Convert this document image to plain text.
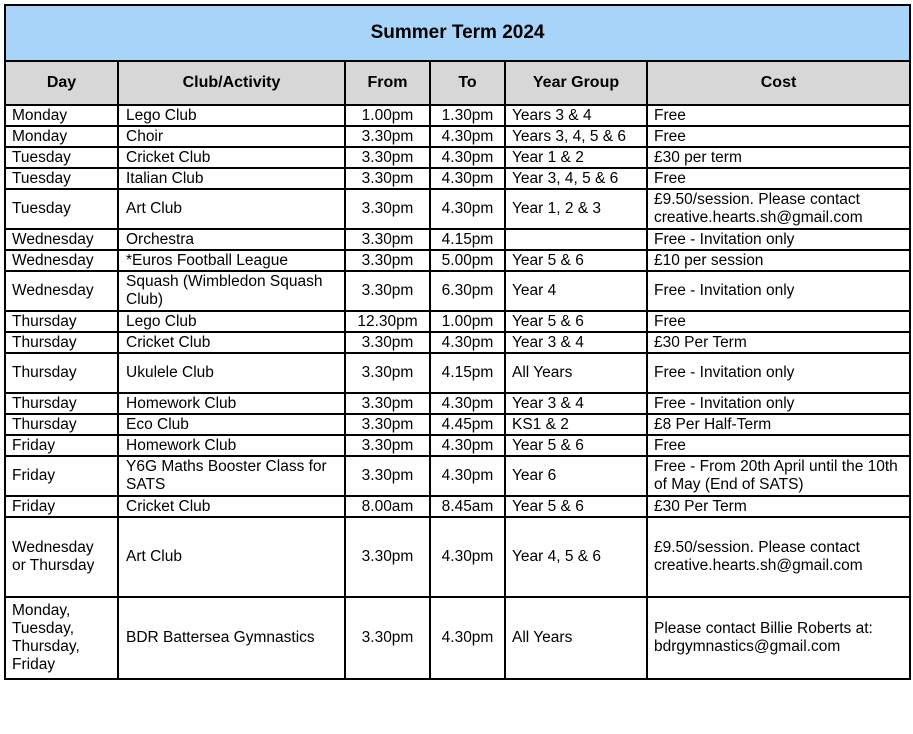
Summer Term 2024					
Day	Club/Activity	From	To	Year Group	Cost
Monday	Lego Club	1.00pm	1.30pm	Years 3 & 4	Free
Monday	Choir	3.30pm	4.30pm	Years 3, 4, 5 & 6	Free
Tuesday	Cricket Club	3.30pm	4.30pm	Year 1 & 2	£30 per term
Tuesday	Italian Club	3.30pm	4.30pm	Year 3, 4, 5 & 6	Free
Tuesday	Art Club	3.30pm	4.30pm	Year 1, 2 & 3	£9.50/session. Please contact creative.hearts.sh@gmail.com
Wednesday	Orchestra	3.30pm	4.15pm		Free - Invitation only
Wednesday	*Euros Football League	3.30pm	5.00pm	Year 5 & 6	£10 per session
Wednesday	Squash (Wimbledon Squash Club)	3.30pm	6.30pm	Year 4	Free - Invitation only
Thursday	Lego Club	12.30pm	1.00pm	Year 5 & 6	Free
Thursday	Cricket Club	3.30pm	4.30pm	Year 3 & 4	£30 Per Term
Thursday	Ukulele Club	3.30pm	4.15pm	All Years	Free - Invitation only
Thursday	Homework Club	3.30pm	4.30pm	Year 3 & 4	Free - Invitation only
Thursday	Eco Club	3.30pm	4.45pm	KS1 & 2	£8 Per Half-Term
Friday	Homework Club	3.30pm	4.30pm	Year 5 & 6	Free
Friday	Y6G Maths Booster Class for SATS	3.30pm	4.30pm	Year 6	Free - From 20th April until the 10th of May (End of SATS)
Friday	Cricket Club	8.00am	8.45am	Year 5 & 6	£30 Per Term
Wednesday or Thursday	Art Club	3.30pm	4.30pm	Year 4, 5 & 6	£9.50/session. Please contact creative.hearts.sh@gmail.com
Monday, Tuesday, Thursday, Friday	BDR Battersea Gymnastics	3.30pm	4.30pm	All Years	Please contact Billie Roberts at: bdrgymnastics@gmail.com
